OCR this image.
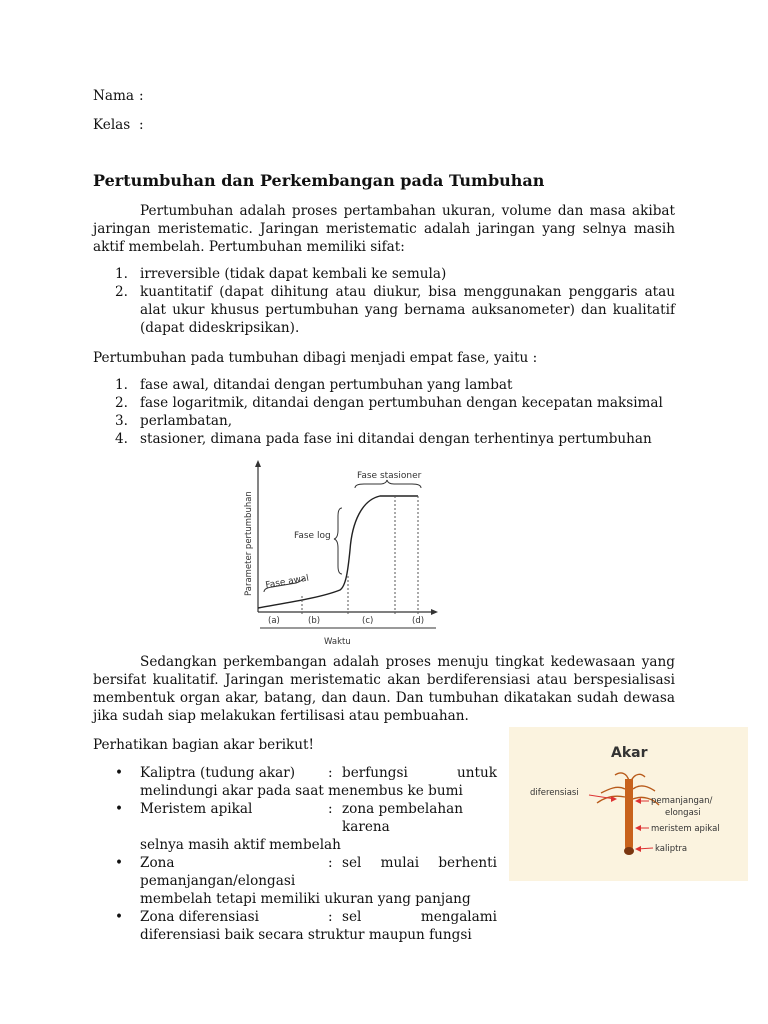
Nama :
Kelas :
Pertumbuhan dan Perkembangan pada Tumbuhan

Pertumbuhan adalah proses pertambahan ukuran, volume dan masa akibat jaringan meristematic. Jaringan meristematic adalah jaringan yang selnya masih aktif membelah. Pertumbuhan memiliki sifat:

1. irreversible (tidak dapat kembali ke semula)
2. kuantitatif (dapat dihitung atau diukur, bisa menggunakan penggaris atau alat ukur khusus pertumbuhan yang bernama auksanometer) dan kualitatif (dapat dideskripsikan).

Pertumbuhan pada tumbuhan dibagi menjadi empat fase, yaitu :

1. fase awal, ditandai dengan pertumbuhan yang lambat
2. fase logaritmik, ditandai dengan pertumbuhan dengan kecepatan maksimal
3. perlambatan,
4. stasioner, dimana pada fase ini ditandai dengan terhentinya pertumbuhan
Fase stasioner
Fase log
Fase awal
Parameter pertumbuhan
(a)	(b)	(c)	(d)
Waktu

Sedangkan perkembangan adalah proses menuju tingkat kedewasaan yang bersifat kualitatif. Jaringan meristematic akan berdiferensiasi atau berspesialisasi membentuk organ akar, batang, dan daun. Dan tumbuhan dikatakan sudah dewasa jika sudah siap melakukan fertilisasi atau pembuahan.

Perhatikan bagian akar berikut!

• Kaliptra (tudung akar)	: berfungsi	untuk
melindungi akar pada saat menembus ke bumi
• Meristem apikal	: zona pembelahan karena
selnya masih aktif membelah
• Zona pemanjangan/elongasi
: sel mulai berhenti
membelah tetapi memiliki ukuran yang panjang
• Zona diferensiasi	: sel	mengalami
diferensiasi baik secara struktur maupun fungsi
Akar
diferensiasi
pemanjangan/
elongasi
meristem apikal
kaliptra
